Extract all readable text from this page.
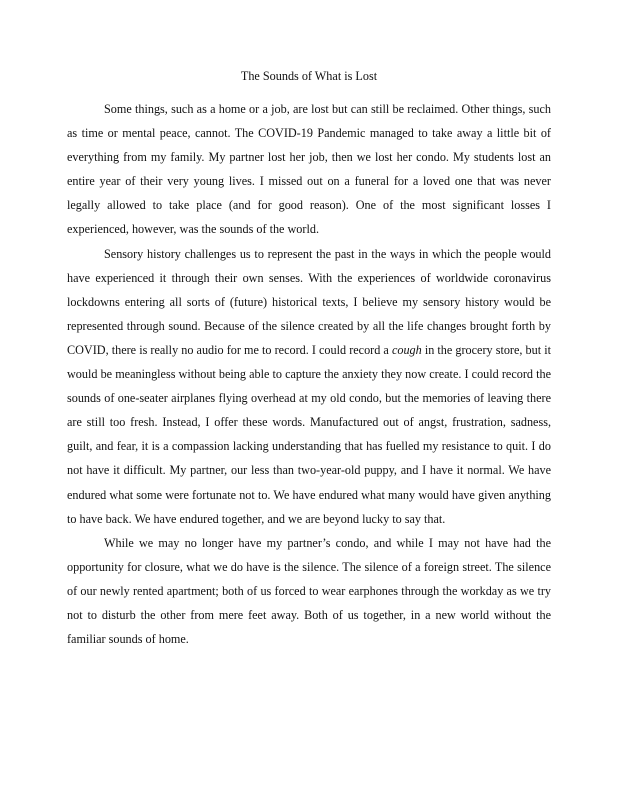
The Sounds of What is Lost

Some things, such as a home or a job, are lost but can still be reclaimed. Other things, such as time or mental peace, cannot. The COVID-19 Pandemic managed to take away a little bit of everything from my family. My partner lost her job, then we lost her condo. My students lost an entire year of their very young lives. I missed out on a funeral for a loved one that was never legally allowed to take place (and for good reason). One of the most significant losses I experienced, however, was the sounds of the world.

Sensory history challenges us to represent the past in the ways in which the people would have experienced it through their own senses. With the experiences of worldwide coronavirus lockdowns entering all sorts of (future) historical texts, I believe my sensory history would be represented through sound. Because of the silence created by all the life changes brought forth by COVID, there is really no audio for me to record. I could record a cough in the grocery store, but it would be meaningless without being able to capture the anxiety they now create. I could record the sounds of one-seater airplanes flying overhead at my old condo, but the memories of leaving there are still too fresh. Instead, I offer these words. Manufactured out of angst, frustration, sadness, guilt, and fear, it is a compassion lacking understanding that has fuelled my resistance to quit. I do not have it difficult. My partner, our less than two-year-old puppy, and I have it normal. We have endured what some were fortunate not to. We have endured what many would have given anything to have back. We have endured together, and we are beyond lucky to say that.

While we may no longer have my partner’s condo, and while I may not have had the opportunity for closure, what we do have is the silence. The silence of a foreign street. The silence of our newly rented apartment; both of us forced to wear earphones through the workday as we try not to disturb the other from mere feet away. Both of us together, in a new world without the familiar sounds of home.
